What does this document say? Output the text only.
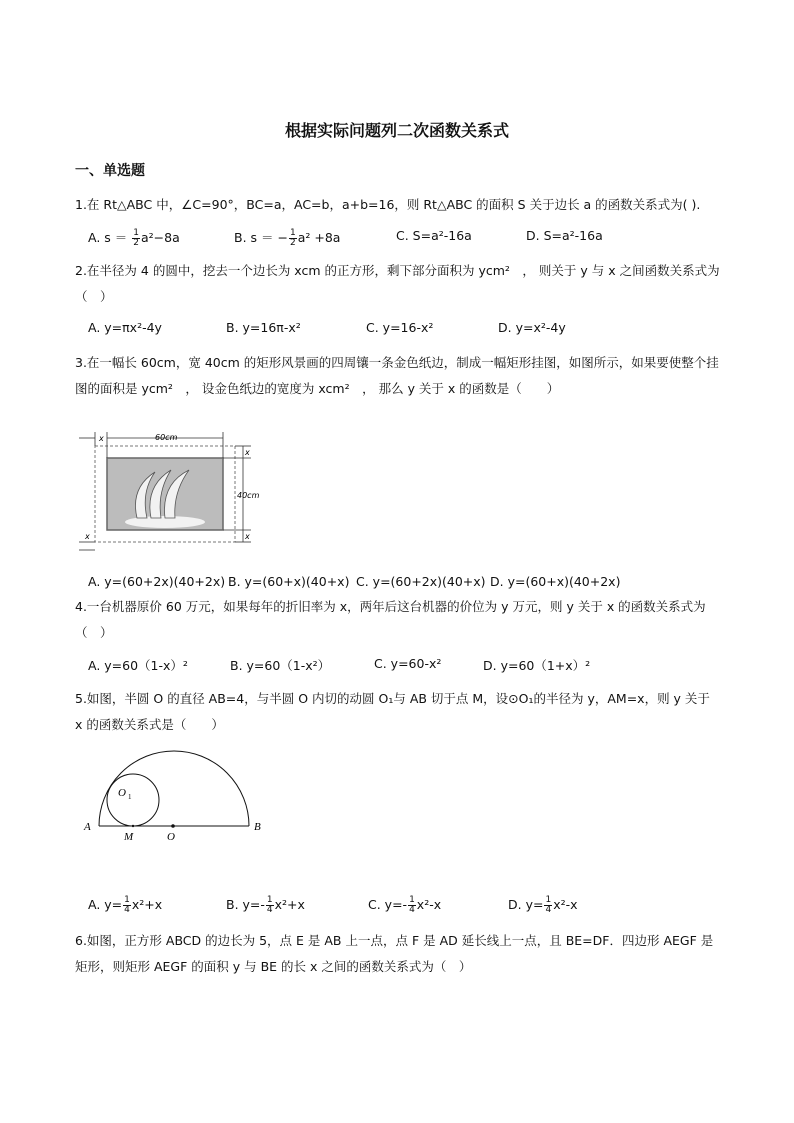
根据实际问题列二次函数关系式
一、单选题
1.在 Rt△ABC 中，∠C=90°，BC=a，AC=b，a+b=16，则 Rt△ABC 的面积 S 关于边长 a 的函数关系式为( ).
A. $s = \frac{1}{2} a^2-8a$	B. s ＝ − $\frac{1}{2} a^2 +8a$	C. S=a²-16a	D. S=a²-16a
2.在半径为 4 的圆中，挖去一个边长为 xcm 的正方形，剩下部分面积为 ycm²　， 则关于 y 与 x 之间函数关系式为（　）
A. y=πx²-4y	B. y=16π-x²	C. y=16-x²	D. y=x²-4y
3.在一幅长 60cm，宽 40cm 的矩形风景画的四周镶一条金色纸边，制成一幅矩形挂图，如图所示，如果要使整个挂图的面积是 ycm²　， 设金色纸边的宽度为 xcm²　， 那么 y 关于 x 的函数是（　　）
x	60cm
x
40cm
x
x
A. y=(60+2x)(40+2x) B. y=(60+x)(40+x) C. y=(60+2x)(40+x) D. y=(60+x)(40+2x)
4.一台机器原价 60 万元，如果每年的折旧率为 x，两年后这台机器的价位为 y 万元，则 y 关于 x 的函数关系式为（　）
A. y=60（1-x）²	B. y=60（1-x²）	C. y=60-x²	D. y=60（1+x）²
5.如图，半圆 O 的直径 AB=4，与半圆 O 内切的动圆 O₁与 AB 切于点 M，设⊙O₁的半径为 y，AM=x，则 y 关于 x 的函数关系式是（　　）
O 1
A	B
M	O
A. $y= \frac{1}{4} x^2+x$	B. $y=- \frac{1}{4} x^2+x$	C. $y=- \frac{1}{4} x^2-x$	D. $y= \frac{1}{4} x^2-x$
6.如图，正方形 ABCD 的边长为 5，点 E 是 AB 上一点，点 F 是 AD 延长线上一点，且 BE=DF．四边形 AEGF 是矩形，则矩形 AEGF 的面积 y 与 BE 的长 x 之间的函数关系式为（　）
